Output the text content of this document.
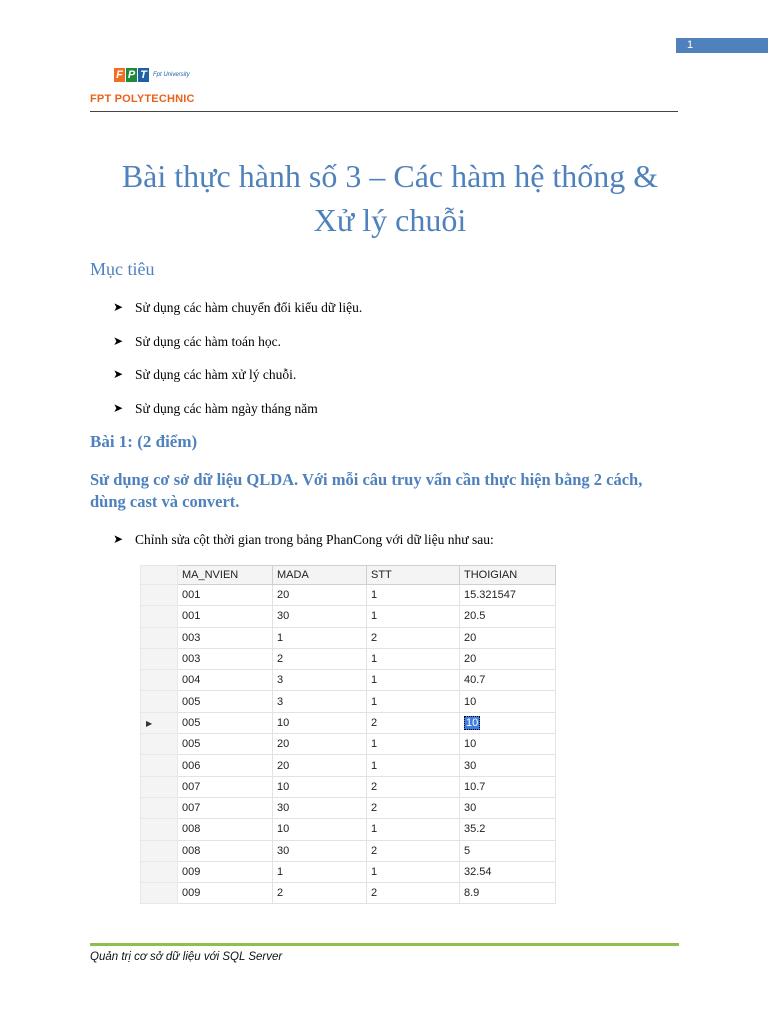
1
F P T	Fpt University
FPT POLYTECHNIC
Bài thực hành số 3 – Các hàm hệ thống &
Xử lý chuỗi
Mục tiêu
➤ Sử dụng các hàm chuyển đổi kiểu dữ liệu.
➤ Sử dụng các hàm toán học.
➤ Sử dụng các hàm xử lý chuỗi.
➤ Sử dụng các hàm ngày tháng năm
Bài 1: (2 điểm)
Sử dụng cơ sở dữ liệu QLDA. Với mỗi câu truy vấn cần thực hiện bằng 2 cách, dùng cast và convert.
➤ Chỉnh sửa cột thời gian trong bảng PhanCong với dữ liệu như sau:
	MA_NVIEN	MADA	STT	THOIGIAN
	001	20	1	15.321547
	001	30	1	20.5
	003	1	2	20
	003	2	1	20
	004	3	1	40.7
	005	3	1	10
▶	005	10	2	10
	005	20	1	10
	006	20	1	30
	007	10	2	10.7
	007	30	2	30
	008	10	1	35.2
	008	30	2	5
	009	1	1	32.54
	009	2	2	8.9
Quản trị cơ sở dữ liệu với SQL Server
